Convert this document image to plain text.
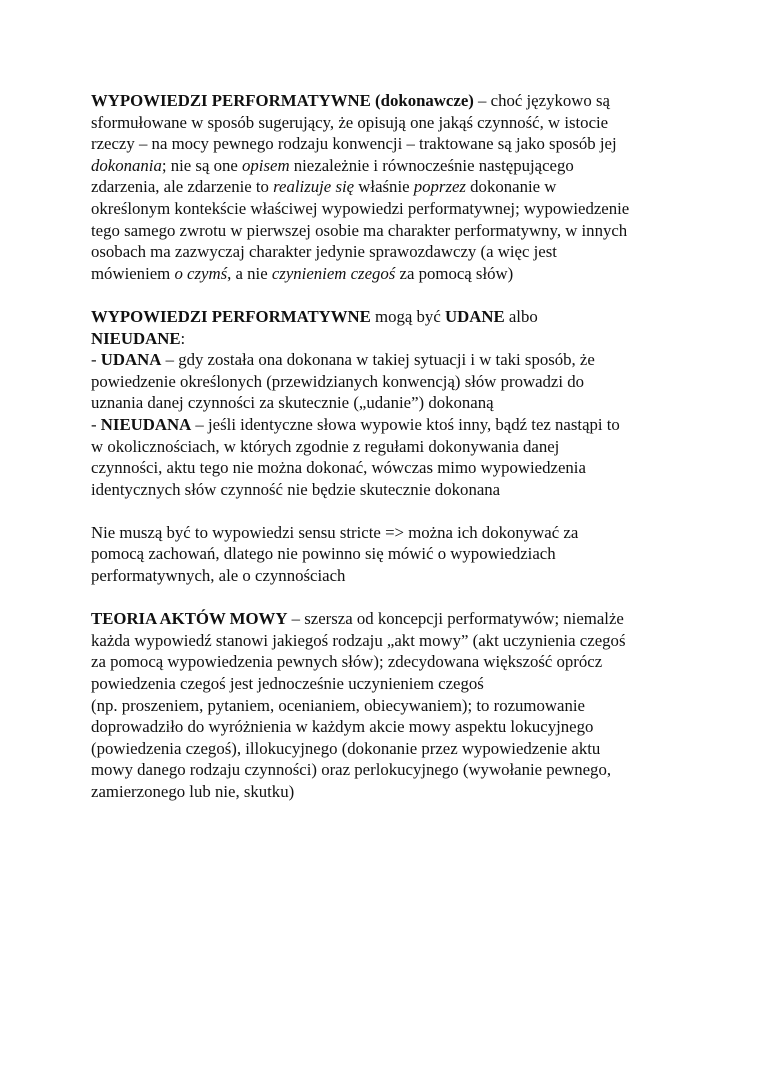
WYPOWIEDZI PERFORMATYWNE (dokonawcze) – choć językowo są
sformułowane w sposób sugerujący, że opisują one jakąś czynność, w istocie
rzeczy – na mocy pewnego rodzaju konwencji – traktowane są jako sposób jej
dokonania; nie są one opisem niezależnie i równocześnie następującego
zdarzenia, ale zdarzenie to realizuje się właśnie poprzez dokonanie w
określonym kontekście właściwej wypowiedzi performatywnej; wypowiedzenie
tego samego zwrotu w pierwszej osobie ma charakter performatywny, w innych
osobach ma zazwyczaj charakter jedynie sprawozdawczy (a więc jest
mówieniem o czymś, a nie czynieniem czegoś za pomocą słów)
WYPOWIEDZI PERFORMATYWNE mogą być UDANE albo
NIEUDANE:
- UDANA – gdy została ona dokonana w takiej sytuacji i w taki sposób, że
powiedzenie określonych (przewidzianych konwencją) słów prowadzi do
uznania danej czynności za skutecznie („udanie”) dokonaną
- NIEUDANA – jeśli identyczne słowa wypowie ktoś inny, bądź tez nastąpi to
w okolicznościach, w których zgodnie z regułami dokonywania danej
czynności, aktu tego nie można dokonać, wówczas mimo wypowiedzenia
identycznych słów czynność nie będzie skutecznie dokonana
Nie muszą być to wypowiedzi sensu stricte => można ich dokonywać za
pomocą zachowań, dlatego nie powinno się mówić o wypowiedziach
performatywnych, ale o czynnościach
TEORIA AKTÓW MOWY – szersza od koncepcji performatywów; niemalże
każda wypowiedź stanowi jakiegoś rodzaju „akt mowy” (akt uczynienia czegoś
za pomocą wypowiedzenia pewnych słów); zdecydowana większość oprócz
powiedzenia czegoś jest jednocześnie uczynieniem czegoś
(np. proszeniem, pytaniem, ocenianiem, obiecywaniem); to rozumowanie
doprowadziło do wyróżnienia w każdym akcie mowy aspektu lokucyjnego
(powiedzenia czegoś), illokucyjnego (dokonanie przez wypowiedzenie aktu
mowy danego rodzaju czynności) oraz perlokucyjnego (wywołanie pewnego,
zamierzonego lub nie, skutku)
